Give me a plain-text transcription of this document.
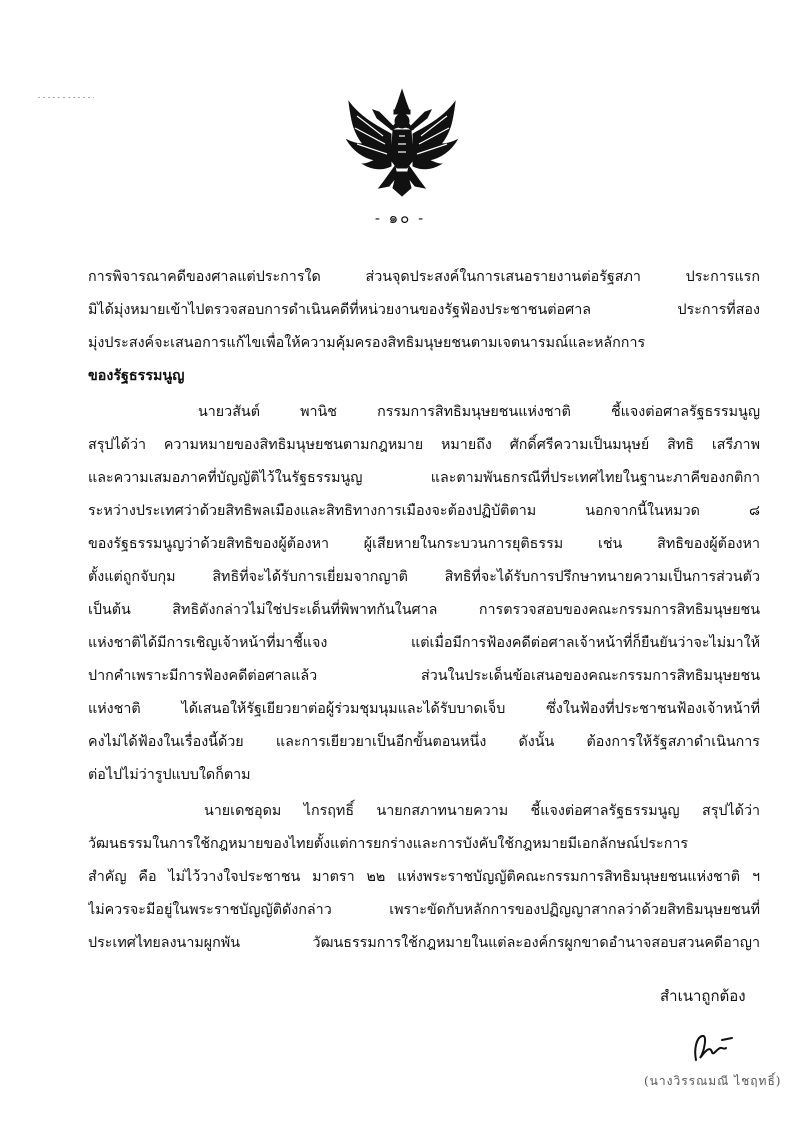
- ๑๐ -
การพิจารณาคดีของศาลแต่ประการใด ส่วนจุดประสงค์ในการเสนอรายงานต่อรัฐสภา ประการแรก
มิได้มุ่งหมายเข้าไปตรวจสอบการดำเนินคดีที่หน่วยงานของรัฐฟ้องประชาชนต่อศาล ประการที่สอง
มุ่งประสงค์จะเสนอการแก้ไขเพื่อให้ความคุ้มครองสิทธิมนุษยชนตามเจตนารมณ์และหลักการ
ของรัฐธรรมนูญ
นายวสันต์ พานิช กรรมการสิทธิมนุษยชนแห่งชาติ ชี้แจงต่อศาลรัฐธรรมนูญ
สรุปได้ว่า ความหมายของสิทธิมนุษยชนตามกฎหมาย หมายถึง ศักดิ์ศรีความเป็นมนุษย์ สิทธิ เสรีภาพ
และความเสมอภาคที่บัญญัติไว้ในรัฐธรรมนูญ และตามพันธกรณีที่ประเทศไทยในฐานะภาคีของกติกา
ระหว่างประเทศว่าด้วยสิทธิพลเมืองและสิทธิทางการเมืองจะต้องปฏิบัติตาม นอกจากนี้ในหมวด ๘
ของรัฐธรรมนูญว่าด้วยสิทธิของผู้ต้องหา ผู้เสียหายในกระบวนการยุติธรรม เช่น สิทธิของผู้ต้องหา
ตั้งแต่ถูกจับกุม สิทธิที่จะได้รับการเยี่ยมจากญาติ สิทธิที่จะได้รับการปรึกษาทนายความเป็นการส่วนตัว
เป็นต้น สิทธิดังกล่าวไม่ใช่ประเด็นที่พิพาทกันในศาล การตรวจสอบของคณะกรรมการสิทธิมนุษยชน
แห่งชาติได้มีการเชิญเจ้าหน้าที่มาชี้แจง แต่เมื่อมีการฟ้องคดีต่อศาลเจ้าหน้าที่ก็ยืนยันว่าจะไม่มาให้
ปากคำเพราะมีการฟ้องคดีต่อศาลแล้ว ส่วนในประเด็นข้อเสนอของคณะกรรมการสิทธิมนุษยชน
แห่งชาติ ได้เสนอให้รัฐเยียวยาต่อผู้ร่วมชุมนุมและได้รับบาดเจ็บ ซึ่งในฟ้องที่ประชาชนฟ้องเจ้าหน้าที่
คงไม่ได้ฟ้องในเรื่องนี้ด้วย และการเยียวยาเป็นอีกขั้นตอนหนึ่ง ดังนั้น ต้องการให้รัฐสภาดำเนินการ
ต่อไปไม่ว่ารูปแบบใดก็ตาม
นายเดชอุดม ไกรฤทธิ์ นายกสภาทนายความ ชี้แจงต่อศาลรัฐธรรมนูญ สรุปได้ว่า
วัฒนธรรมในการใช้กฎหมายของไทยตั้งแต่การยกร่างและการบังคับใช้กฎหมายมีเอกลักษณ์ประการ
สำคัญ คือ ไม่ไว้วางใจประชาชน มาตรา ๒๒ แห่งพระราชบัญญัติคณะกรรมการสิทธิมนุษยชนแห่งชาติ ฯ
ไม่ควรจะมีอยู่ในพระราชบัญญัติดังกล่าว เพราะขัดกับหลักการของปฏิญญาสากลว่าด้วยสิทธิมนุษยชนที่
ประเทศไทยลงนามผูกพัน วัฒนธรรมการใช้กฎหมายในแต่ละองค์กรผูกขาดอำนาจสอบสวนคดีอาญา
สำเนาถูกต้อง
(นางวิรรณมณี ไชฤทธิ์)
